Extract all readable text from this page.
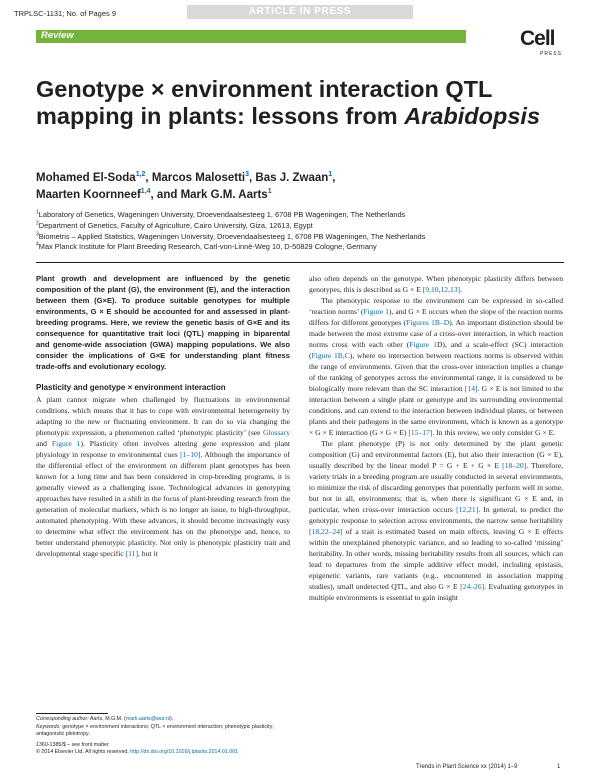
TRPLSC-1131; No. of Pages 9	ARTICLE IN PRESS
Review	Cell
PRESS
Genotype × environment interaction QTL mapping in plants: lessons from Arabidopsis
Mohamed El-Soda$^{1,2}$, Marcos Malosetti$^3$, Bas J. Zwaan$^1$,
Maarten Koornneef$^{1,4}$, and Mark G.M. Aarts$^1$
$^1$Laboratory of Genetics, Wageningen University, Droevendaalsesteeg 1, 6708 PB Wageningen, The Netherlands
$^2$Department of Genetics, Faculty of Agriculture, Cairo University, Giza, 12613, Egypt
$^3$Biometris – Applied Statistics, Wageningen University, Droevendaalsesteeg 1, 6708 PB Wageningen, The Netherlands
$^4$Max Planck Institute for Plant Breeding Research, Carl-von-Linné-Weg 10, D-50829 Cologne, Germany

Plant growth and development are influenced by the genetic composition of the plant (G), the environment (E), and the interaction between them (G×E). To produce suitable genotypes for multiple environments, G × E should be accounted for and assessed in plant-breeding programs. Here, we review the genetic basis of G×E and its consequence for quantitative trait loci (QTL) mapping in biparental and genome-wide association (GWA) mapping populations. We also consider the implications of G×E for understanding plant fitness trade-offs and evolutionary ecology.

Plasticity and genotype × environment interaction

A plant cannot migrate when challenged by fluctuations in environmental conditions, which means that it has to cope with environmental heterogeneity by adapting to the new or fluctuating environment. It can do so via changing the phenotypic expression, a phenomenon called ‘phenotypic plasticity’ (see Glossary and Figure 1). Plasticity often involves altering gene expression and plant physiology in response to environmental cues [1–10]. Although the importance of the differential effect of the environment on different plant genotypes has been known for a long time and has been considered in crop-breeding programs, it is generally viewed as a challenging issue. Technological advances in genotyping approaches have resulted in a shift in the focus of plant-breeding research from the generation of molecular markers, which is no longer an issue, to high-throughput, automated phenotyping. With these advances, it should become increasingly easy to determine what effect the environment has on the phenotype and, hence, to better understand phenotypic plasticity. Not only is phenotypic plasticity trait and developmental stage specific [11], but it

also often depends on the genotype. When phenotypic plasticity differs between genotypes, this is described as G × E [9,10,12,13].

The phenotypic response to the environment can be expressed in so-called ‘reaction norms’ (Figure 1), and G × E occurs when the slope of the reaction norms differs for different genotypes (Figures 1B–D). An important distinction should be made between the most extreme case of a cross-over interaction, in which reaction norms cross with each other (Figure 1D), and a scale-effect (SC) interaction (Figure 1B,C), where no intersection between reactions norms is observed within the range of environments. Given that the cross-over interaction implies a change of the ranking of genotypes across the environmental range, it is considered to be biologically more relevant than the SC interaction [14]. G × E is not limited to the interaction between a single plant or genotype and its surrounding environmental conditions, and can extend to the interaction between individual plants, or between plants and their pathogens in the same environment, which is known as a genotype × G × E interaction (G × G × E) [15–17]. In this review, we only consider G × E.

The plant phenotype (P) is not only determined by the plant genetic composition (G) and environmental factors (E), but also their interaction (G × E), usually described by the linear model P = G + E + G × E [18–20]. Therefore, variety trials in a breeding program are usually conducted in several environments, to minimize the risk of discarding genotypes that potentially perform well in some, but not in all, environments; that is, when there is significant G × E and, in particular, when cross-over interaction occurs [12,21]. In general, to predict the genotypic response to selection across environments, the narrow sense heritability [18,22–24] of a trait is estimated based on main effects, leaving G × E effects within the unexplained phenotypic variance, and so leading to so-called ‘missing’ heritability. In other words, missing heritability results from all sources, which can lead to departures from the simple additive effect model, including epistasis, epigenetic variants, rare variants (e.g., encountered in association mapping studies), small undetected QTL, and also G × E [24–26]. Evaluating genotypes in multiple environments is essential to gain insight

Corresponding author: Aarts, M.G.M. (mark.aarts@wur.nl).
Keywords: genotype × environment interactions; QTL × environment interaction; phenotypic plasticity; antagonistic pleiotropy.
1360-1385/$ – see front matter
© 2014 Elsevier Ltd. All rights reserved. http://dx.doi.org/10.1016/j.tplants.2014.01.001
Trends in Plant Science xx (2014) 1–9	1
